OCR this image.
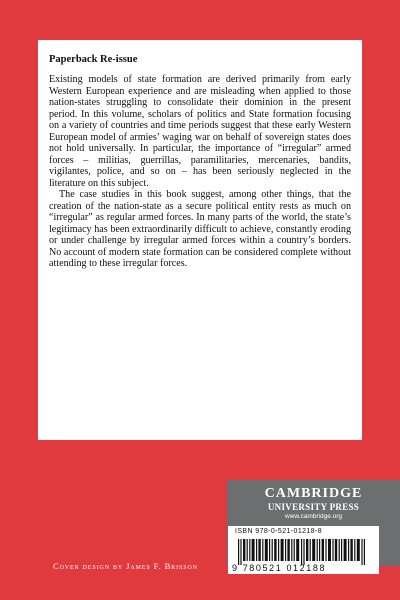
Paperback Re-issue

Existing models of state formation are derived primarily from early Western European experience and are misleading when applied to those nation-states struggling to consolidate their dominion in the present period. In this volume, scholars of politics and State formation focusing on a variety of countries and time periods suggest that these early Western European model of armies’ waging war on behalf of sovereign states does not hold universally. In particular, the importance of “irregular” armed forces – militias, guerrillas, paramilitaries, mercenaries, bandits, vigilantes, police, and so on – has been seriously neglected in the literature on this subject.

The case studies in this book suggest, among other things, that the creation of the nation-state as a secure political entity rests as much on “irregular” as regular armed forces. In many parts of the world, the state’s legitimacy has been extraordinarily difficult to achieve, constantly eroding or under challenge by irregular armed forces within a country’s borders. No account of modern state formation can be considered complete without attending to these irregular forces.

CAMBRIDGE
UNIVERSITY PRESS
www.cambridge.org
ISBN 978-0-521-01218-8
9 780521 012188
Cover design by James F. Brisson
